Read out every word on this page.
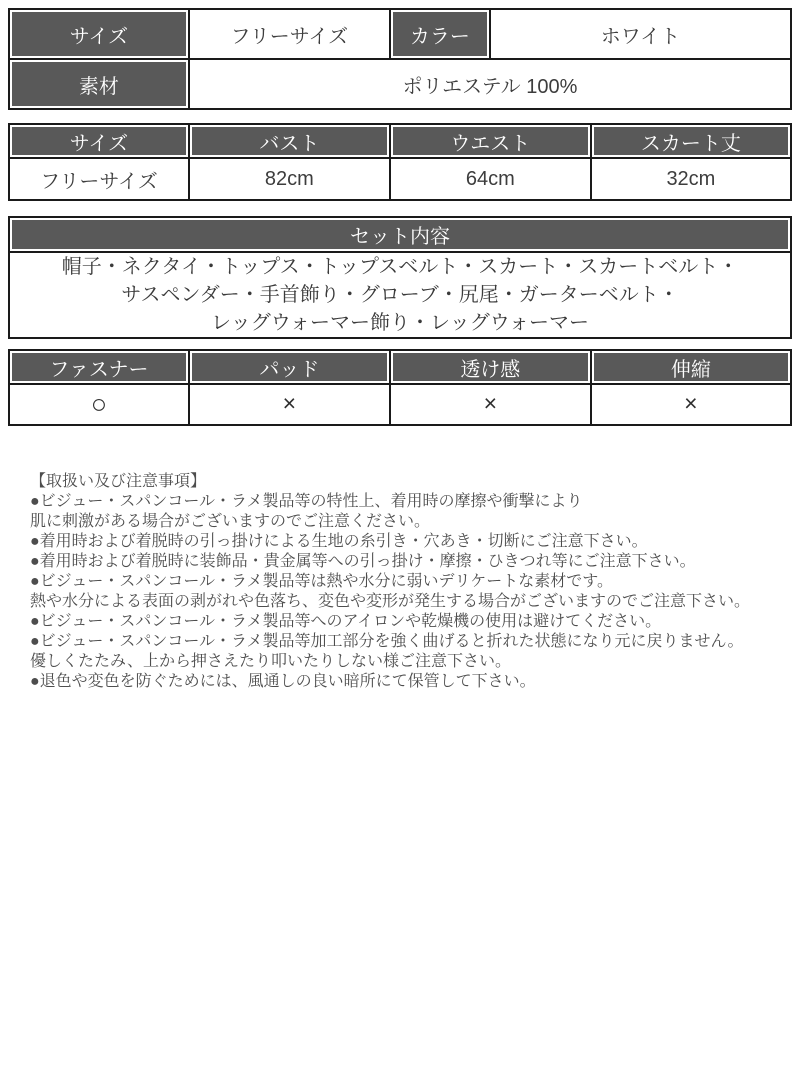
サイズ	フリーサイズ	カラー	ホワイト
素材	ポリエステル 100%		
サイズ	バスト	ウエスト	スカート丈
フリーサイズ	82cm	64cm	32cm
セット内容

帽子・ネクタイ・トップス・トップスベルト・スカート・スカートベルト・
サスペンダー・手首飾り・グローブ・尻尾・ガーターベルト・
レッグウォーマー飾り・レッグウォーマー
ファスナー	パッド	透け感	伸縮
○	×	×	×
【取扱い及び注意事項】
●ビジュー・スパンコール・ラメ製品等の特性上、着用時の摩擦や衝撃により
肌に刺激がある場合がございますのでご注意ください。
●着用時および着脱時の引っ掛けによる生地の糸引き・穴あき・切断にご注意下さい。
●着用時および着脱時に装飾品・貴金属等への引っ掛け・摩擦・ひきつれ等にご注意下さい。
●ビジュー・スパンコール・ラメ製品等は熱や水分に弱いデリケートな素材です。
熱や水分による表面の剥がれや色落ち、変色や変形が発生する場合がございますのでご注意下さい。
●ビジュー・スパンコール・ラメ製品等へのアイロンや乾燥機の使用は避けてください。
●ビジュー・スパンコール・ラメ製品等加工部分を強く曲げると折れた状態になり元に戻りません。
優しくたたみ、上から押さえたり叩いたりしない様ご注意下さい。
●退色や変色を防ぐためには、風通しの良い暗所にて保管して下さい。
